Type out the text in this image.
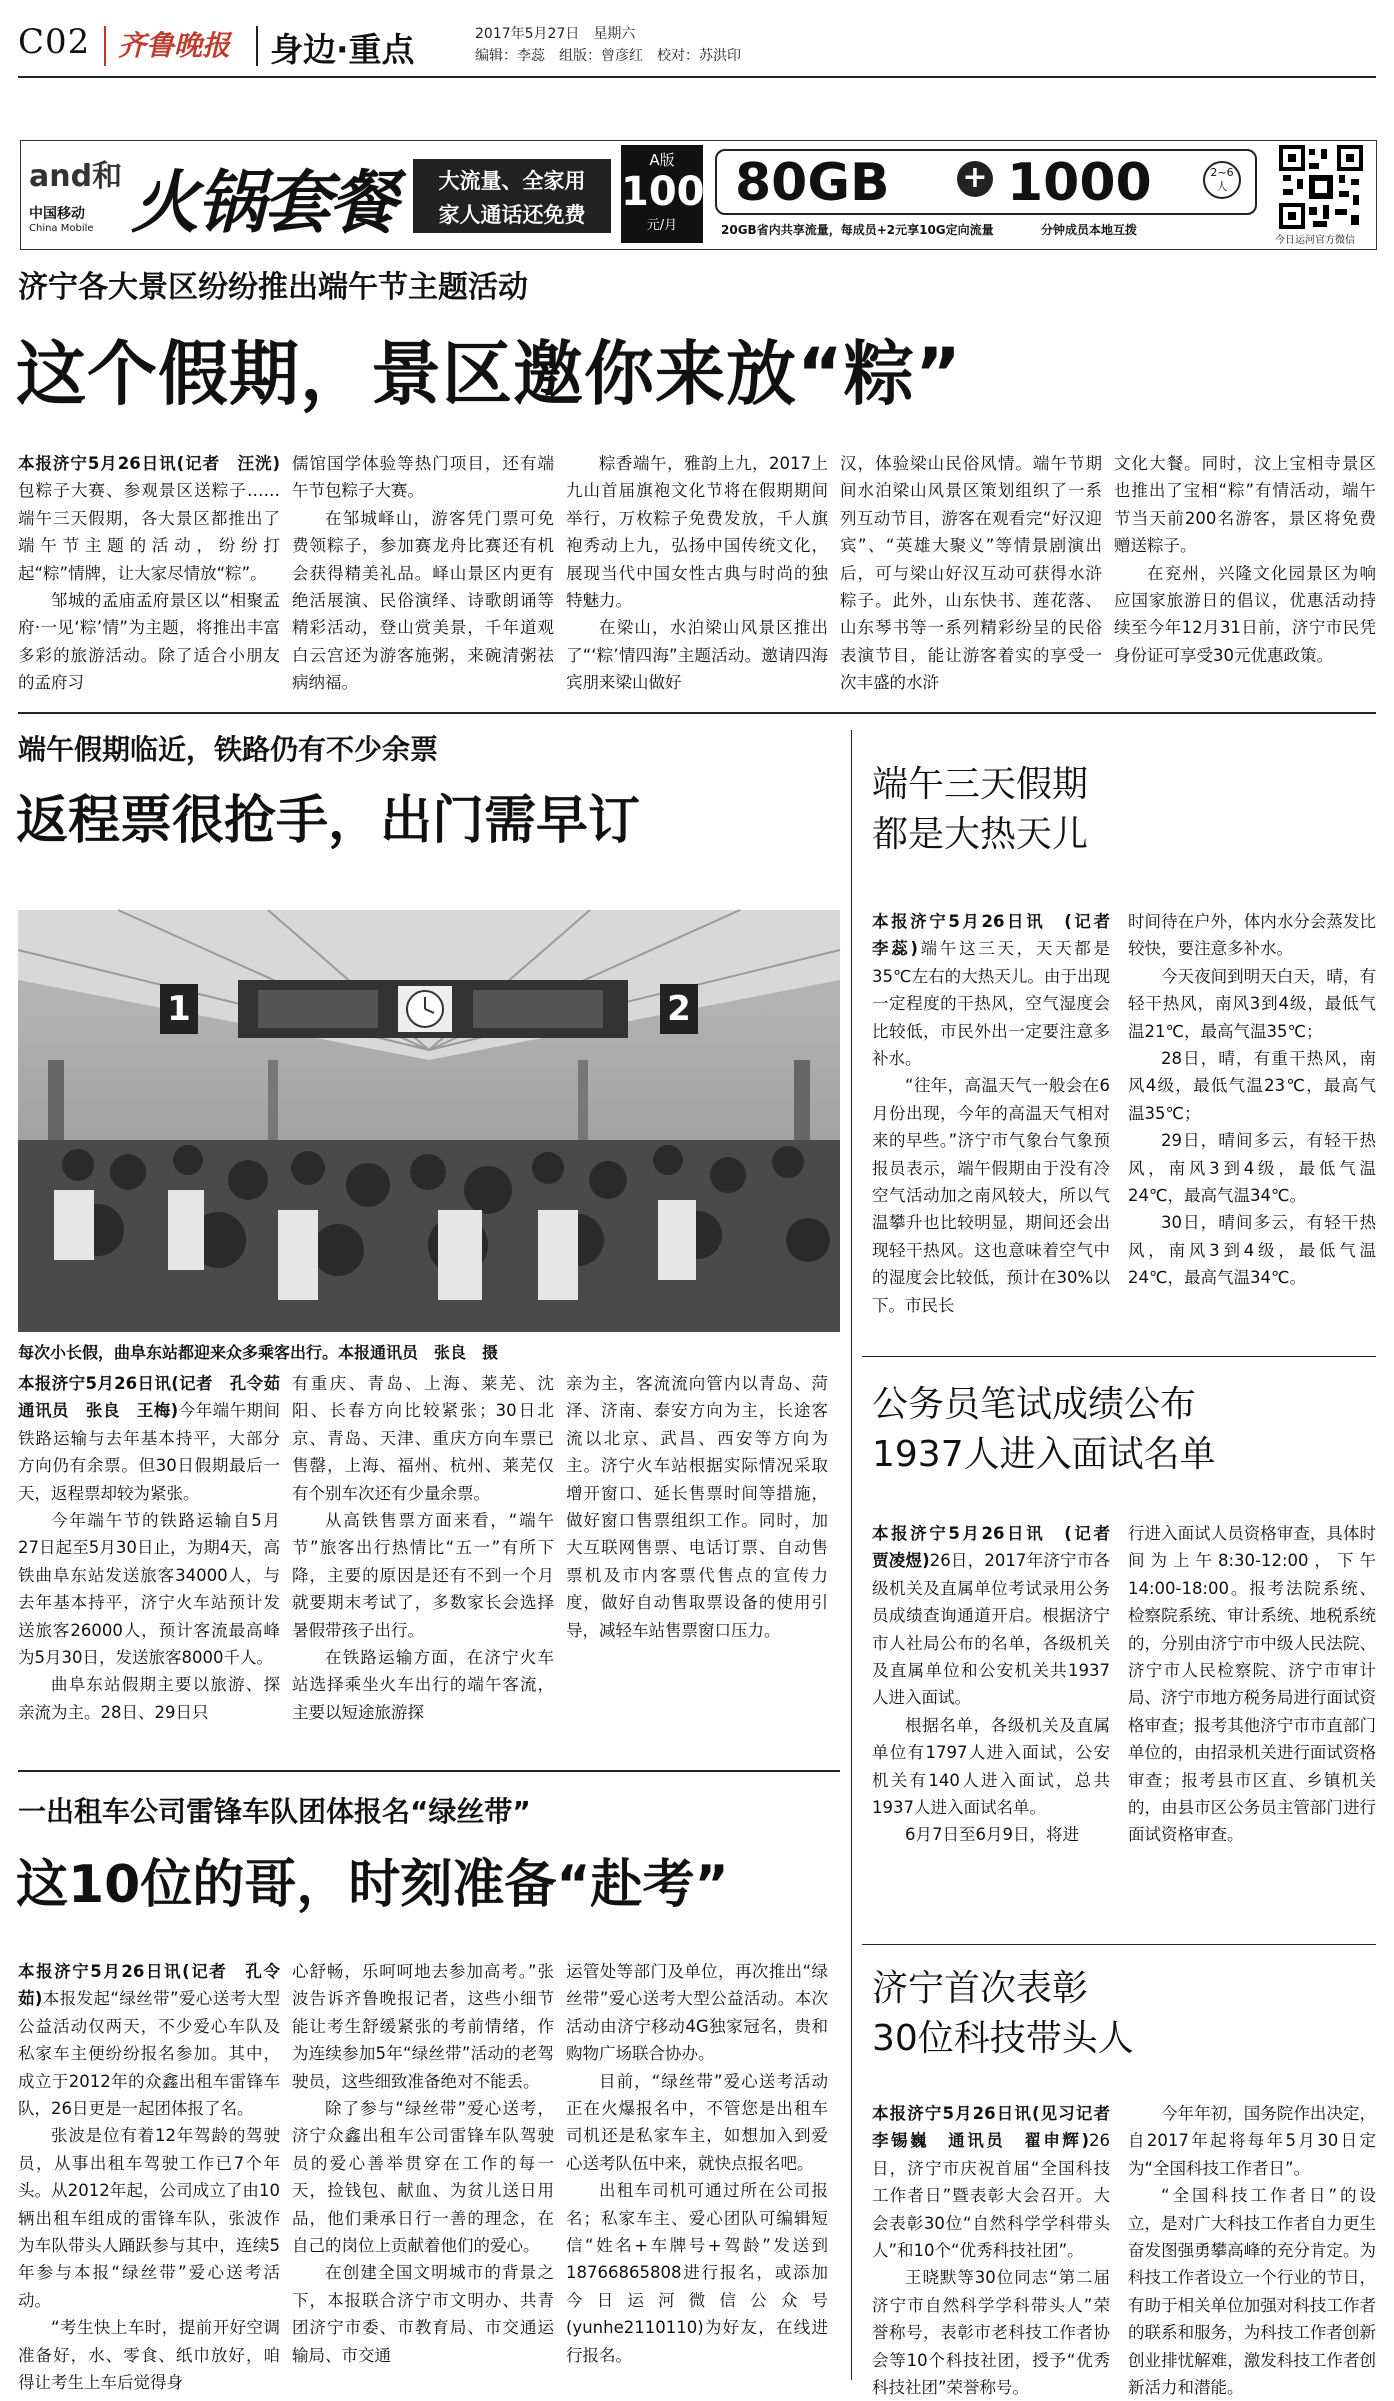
C02 齐鲁晚报 身边·重点	2017年5月27日　星期六
编辑：李蕊　组版：曾彦红　校对：苏洪印
and和
中国移动
China Mobile 火锅套餐	大流量、全家用
家人通话还免费
A版
100
元/月
80GB + 1000	2~6人
20GB省内共享流量，每成员+2元享10G定向流量	分钟成员本地互拨
今日运河官方微信
济宁各大景区纷纷推出端午节主题活动
这个假期，景区邀你来放“粽”

本报济宁5月26日讯(记者　汪洸)包粽子大赛、参观景区送粽子……端午三天假期，各大景区都推出了端午节主题的活动，纷纷打起“粽”情牌，让大家尽情放“粽”。

邹城的孟庙孟府景区以“相聚孟府·一见‘粽’情”为主题，将推出丰富多彩的旅游活动。除了适合小朋友的孟府习

儒馆国学体验等热门项目，还有端午节包粽子大赛。

在邹城峄山，游客凭门票可免费领粽子，参加赛龙舟比赛还有机会获得精美礼品。峄山景区内更有绝活展演、民俗演绎、诗歌朗诵等精彩活动，登山赏美景，千年道观白云宫还为游客施粥，来碗清粥祛病纳福。

粽香端午，雅韵上九，2017上九山首届旗袍文化节将在假期期间举行，万枚粽子免费发放，千人旗袍秀动上九，弘扬中国传统文化，展现当代中国女性古典与时尚的独特魅力。

在梁山，水泊梁山风景区推出了“‘粽’情四海”主题活动。邀请四海宾朋来梁山做好

汉，体验梁山民俗风情。端午节期间水泊梁山风景区策划组织了一系列互动节目，游客在观看完“好汉迎宾”、“英雄大聚义”等情景剧演出后，可与梁山好汉互动可获得水浒粽子。此外，山东快书、莲花落、山东琴书等一系列精彩纷呈的民俗表演节目，能让游客着实的享受一次丰盛的水浒

文化大餐。同时，汶上宝相寺景区也推出了宝相“粽”有情活动，端午节当天前200名游客，景区将免费赠送粽子。

在兖州，兴隆文化园景区为响应国家旅游日的倡议，优惠活动持续至今年12月31日前，济宁市民凭身份证可享受30元优惠政策。

端午假期临近，铁路仍有不少余票
返程票很抢手，出门需早订
1	2
每次小长假，曲阜东站都迎来众多乘客出行。本报通讯员　张良　摄

本报济宁5月26日讯(记者　孔令茹　通讯员　张良　王梅)今年端午期间铁路运输与去年基本持平，大部分方向仍有余票。但30日假期最后一天，返程票却较为紧张。

今年端午节的铁路运输自5月27日起至5月30日止，为期4天，高铁曲阜东站发送旅客34000人，与去年基本持平，济宁火车站预计发送旅客26000人，预计客流最高峰为5月30日，发送旅客8000千人。

曲阜东站假期主要以旅游、探亲流为主。28日、29日只

有重庆、青岛、上海、莱芜、沈阳、长春方向比较紧张；30日北京、青岛、天津、重庆方向车票已售罄，上海、福州、杭州、莱芜仅有个别车次还有少量余票。

从高铁售票方面来看，“端午节”旅客出行热情比“五一”有所下降，主要的原因是还有不到一个月就要期末考试了，多数家长会选择暑假带孩子出行。

在铁路运输方面，在济宁火车站选择乘坐火车出行的端午客流，主要以短途旅游探

亲为主，客流流向管内以青岛、菏泽、济南、泰安方向为主，长途客流以北京、武昌、西安等方向为主。济宁火车站根据实际情况采取增开窗口、延长售票时间等措施，做好窗口售票组织工作。同时，加大互联网售票、电话订票、自动售票机及市内客票代售点的宣传力度，做好自动售取票设备的使用引导，减轻车站售票窗口压力。

一出租车公司雷锋车队团体报名“绿丝带”
这10位的哥，时刻准备“赴考”

本报济宁5月26日讯(记者　孔令茹)本报发起“绿丝带”爱心送考大型公益活动仅两天，不少爱心车队及私家车主便纷纷报名参加。其中，成立于2012年的众鑫出租车雷锋车队，26日更是一起团体报了名。

张波是位有着12年驾龄的驾驶员，从事出租车驾驶工作已7个年头。从2012年起，公司成立了由10辆出租车组成的雷锋车队，张波作为车队带头人踊跃参与其中，连续5年参与本报“绿丝带”爱心送考活动。

“考生快上车时，提前开好空调准备好，水、零食、纸巾放好，咱得让考生上车后觉得身

心舒畅，乐呵呵地去参加高考。”张波告诉齐鲁晚报记者，这些小细节能让考生舒缓紧张的考前情绪，作为连续参加5年“绿丝带”活动的老驾驶员，这些细致准备绝对不能丢。

除了参与“绿丝带”爱心送考，济宁众鑫出租车公司雷锋车队驾驶员的爱心善举贯穿在工作的每一天，捡钱包、献血、为贫儿送日用品，他们秉承日行一善的理念，在自己的岗位上贡献着他们的爱心。

在创建全国文明城市的背景之下，本报联合济宁市文明办、共青团济宁市委、市教育局、市交通运输局、市交通

运管处等部门及单位，再次推出“绿丝带”爱心送考大型公益活动。本次活动由济宁移动4G独家冠名，贵和购物广场联合协办。

目前，“绿丝带”爱心送考活动正在火爆报名中，不管您是出租车司机还是私家车主，如想加入到爱心送考队伍中来，就快点报名吧。

出租车司机可通过所在公司报名；私家车主、爱心团队可编辑短信“姓名+车牌号+驾龄”发送到18766865808进行报名，或添加今日运河微信公众号(yunhe2110110)为好友，在线进行报名。

端午三天假期
都是大热天儿

本报济宁5月26日讯　(记者　李蕊)端午这三天，天天都是35℃左右的大热天儿。由于出现一定程度的干热风，空气湿度会比较低，市民外出一定要注意多补水。

“往年，高温天气一般会在6月份出现，今年的高温天气相对来的早些。”济宁市气象台气象预报员表示，端午假期由于没有冷空气活动加之南风较大，所以气温攀升也比较明显，期间还会出现轻干热风。这也意味着空气中的湿度会比较低，预计在30%以下。市民长

时间待在户外，体内水分会蒸发比较快，要注意多补水。

今天夜间到明天白天，晴，有轻干热风，南风3到4级，最低气温21℃，最高气温35℃；

28日，晴，有重干热风，南风4级，最低气温23℃，最高气温35℃；

29日，晴间多云，有轻干热风，南风3到4级，最低气温24℃，最高气温34℃。

30日，晴间多云，有轻干热风，南风3到4级，最低气温24℃，最高气温34℃。

公务员笔试成绩公布
1937人进入面试名单

本报济宁5月26日讯　(记者　贾凌煜)26日，2017年济宁市各级机关及直属单位考试录用公务员成绩查询通道开启。根据济宁市人社局公布的名单，各级机关及直属单位和公安机关共1937人进入面试。

根据名单，各级机关及直属单位有1797人进入面试，公安机关有140人进入面试，总共1937人进入面试名单。

6月7日至6月9日，将进

行进入面试人员资格审查，具体时间为上午8:30-12:00，下午14:00-18:00。报考法院系统、检察院系统、审计系统、地税系统的，分别由济宁市中级人民法院、济宁市人民检察院、济宁市审计局、济宁市地方税务局进行面试资格审查；报考其他济宁市市直部门单位的，由招录机关进行面试资格审查；报考县市区直、乡镇机关的，由县市区公务员主管部门进行面试资格审查。

济宁首次表彰
30位科技带头人

本报济宁5月26日讯(见习记者　李锡巍　通讯员　翟申辉)26日，济宁市庆祝首届“全国科技工作者日”暨表彰大会召开。大会表彰30位“自然科学学科带头人”和10个“优秀科技社团”。

王晓默等30位同志“第二届济宁市自然科学学科带头人”荣誉称号，表彰市老科技工作者协会等10个科技社团，授予“优秀科技社团”荣誉称号。

今年年初，国务院作出决定，自2017年起将每年5月30日定为“全国科技工作者日”。

“全国科技工作者日”的设立，是对广大科技工作者自力更生奋发图强勇攀高峰的充分肯定。为科技工作者设立一个行业的节日，有助于相关单位加强对科技工作者的联系和服务，为科技工作者创新创业排忧解难，激发科技工作者创新活力和潜能。
